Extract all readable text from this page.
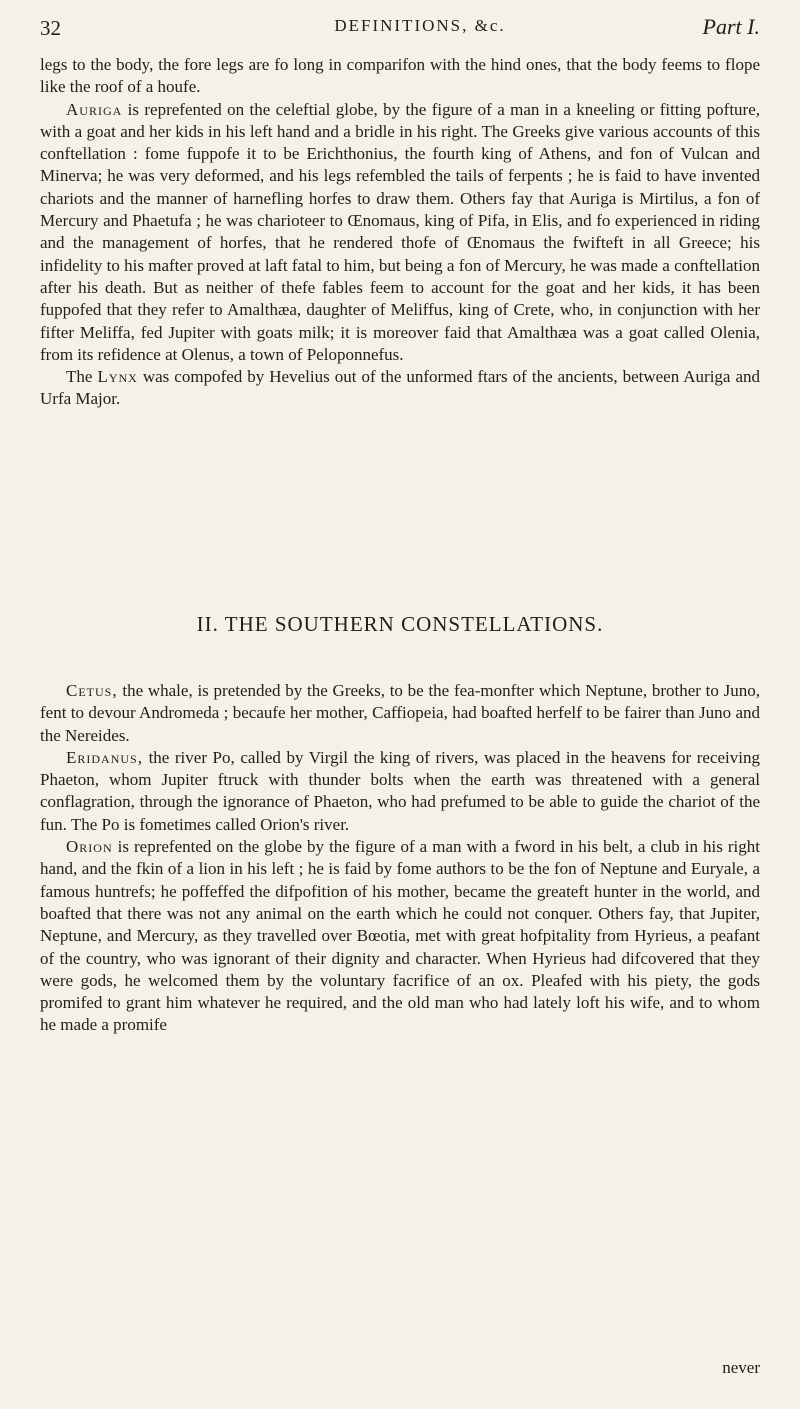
32	DEFINITIONS, &c.	Part I.

legs to the body, the fore legs are fo long in comparifon with the hind ones, that the body feems to flope like the roof of a houfe.

Auriga is reprefented on the celeftial globe, by the figure of a man in a kneeling or fitting pofture, with a goat and her kids in his left hand and a bridle in his right. The Greeks give various accounts of this conftellation : fome fuppofe it to be Erichthonius, the fourth king of Athens, and fon of Vulcan and Minerva; he was very deformed, and his legs refembled the tails of ferpents ; he is faid to have invented chariots and the manner of harnefling horfes to draw them. Others fay that Auriga is Mirtilus, a fon of Mercury and Phaetufa ; he was charioteer to Œnomaus, king of Pifa, in Elis, and fo experienced in riding and the management of horfes, that he rendered thofe of Œnomaus the fwifteft in all Greece; his infidelity to his mafter proved at laft fatal to him, but being a fon of Mercury, he was made a conftellation after his death. But as neither of thefe fables feem to account for the goat and her kids, it has been fuppofed that they refer to Amalthæa, daughter of Meliffus, king of Crete, who, in conjunction with her fifter Meliffa, fed Jupiter with goats milk; it is moreover faid that Amalthæa was a goat called Olenia, from its refidence at Olenus, a town of Peloponnefus.

The Lynx was compofed by Hevelius out of the unformed ftars of the ancients, between Auriga and Urfa Major.

II. THE SOUTHERN CONSTELLATIONS.

Cetus, the whale, is pretended by the Greeks, to be the fea-monfter which Neptune, brother to Juno, fent to devour Andromeda ; becaufe her mother, Caffiopeia, had boafted herfelf to be fairer than Juno and the Nereides.

Eridanus, the river Po, called by Virgil the king of rivers, was placed in the heavens for receiving Phaeton, whom Jupiter ftruck with thunder bolts when the earth was threatened with a general conflagration, through the ignorance of Phaeton, who had prefumed to be able to guide the chariot of the fun. The Po is fometimes called Orion's river.

Orion is reprefented on the globe by the figure of a man with a fword in his belt, a club in his right hand, and the fkin of a lion in his left ; he is faid by fome authors to be the fon of Neptune and Euryale, a famous huntrefs; he poffeffed the difpofition of his mother, became the greateft hunter in the world, and boafted that there was not any animal on the earth which he could not conquer. Others fay, that Jupiter, Neptune, and Mercury, as they travelled over Bœotia, met with great hofpitality from Hyrieus, a peafant of the country, who was ignorant of their dignity and character. When Hyrieus had difcovered that they were gods, he welcomed them by the voluntary facrifice of an ox. Pleafed with his piety, the gods promifed to grant him whatever he required, and the old man who had lately loft his wife, and to whom he made a promife

never
